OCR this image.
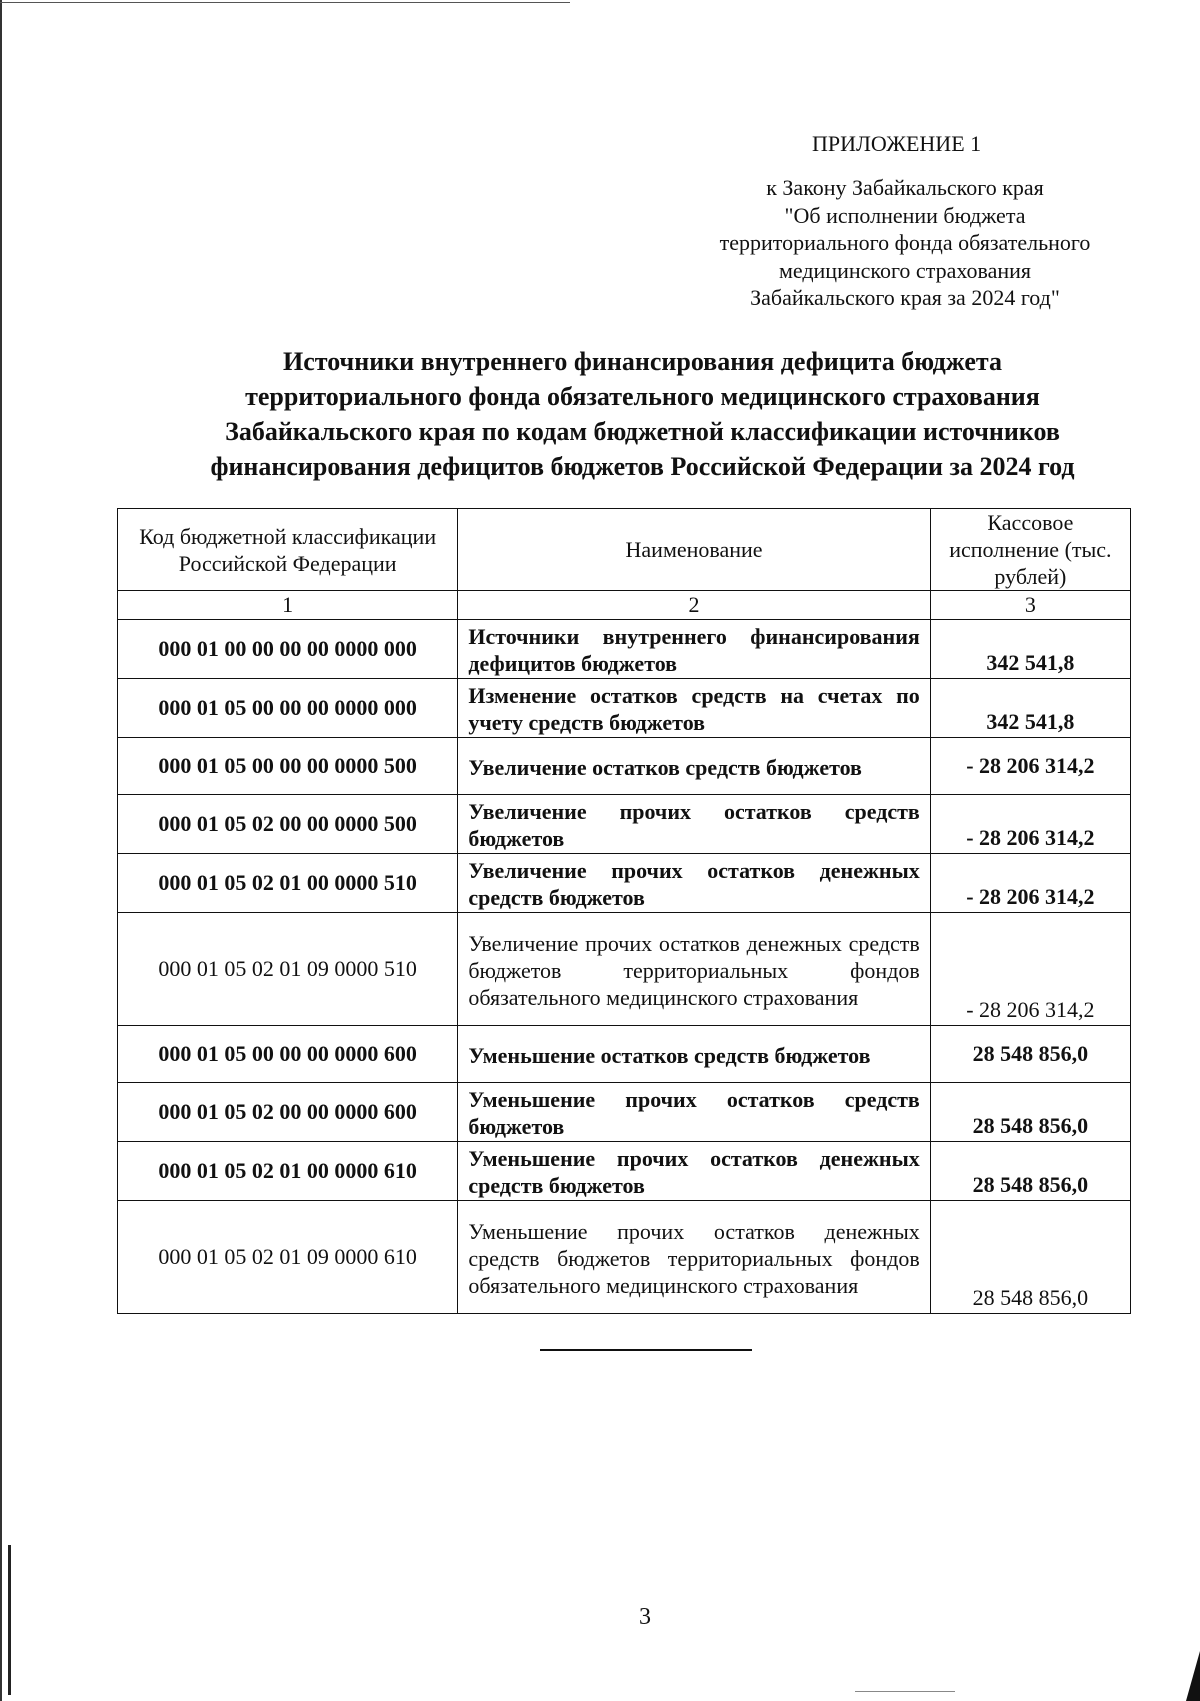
ПРИЛОЖЕНИЕ 1
к Закону Забайкальского края
"Об исполнении бюджета
территориального фонда обязательного
медицинского страхования
Забайкальского края за 2024 год"
Источники внутреннего финансирования дефицита бюджета
территориального фонда обязательного медицинского страхования
Забайкальского края по кодам бюджетной классификации источников
финансирования дефицитов бюджетов Российской Федерации за 2024 год
Код бюджетной классификации Российской Федерации	Наименование	Кассовое исполнение (тыс. рублей)
1	2	3
000 01 00 00 00 00 0000 000	Источники внутреннего финансирования дефицитов бюджетов	342 541,8
000 01 05 00 00 00 0000 000	Изменение остатков средств на счетах по учету средств бюджетов	342 541,8
000 01 05 00 00 00 0000 500	Увеличение остатков средств бюджетов	- 28 206 314,2
000 01 05 02 00 00 0000 500	Увеличение прочих остатков средств бюджетов	- 28 206 314,2
000 01 05 02 01 00 0000 510	Увеличение прочих остатков денежных средств бюджетов	- 28 206 314,2
000 01 05 02 01 09 0000 510	Увеличение прочих остатков денежных средств бюджетов территориальных фондов обязательного медицинского страхования	- 28 206 314,2
000 01 05 00 00 00 0000 600	Уменьшение остатков средств бюджетов	28 548 856,0
000 01 05 02 00 00 0000 600	Уменьшение прочих остатков средств бюджетов	28 548 856,0
000 01 05 02 01 00 0000 610	Уменьшение прочих остатков денежных средств бюджетов	28 548 856,0
000 01 05 02 01 09 0000 610	Уменьшение прочих остатков денежных средств бюджетов территориальных фондов обязательного медицинского страхования	28 548 856,0
3
